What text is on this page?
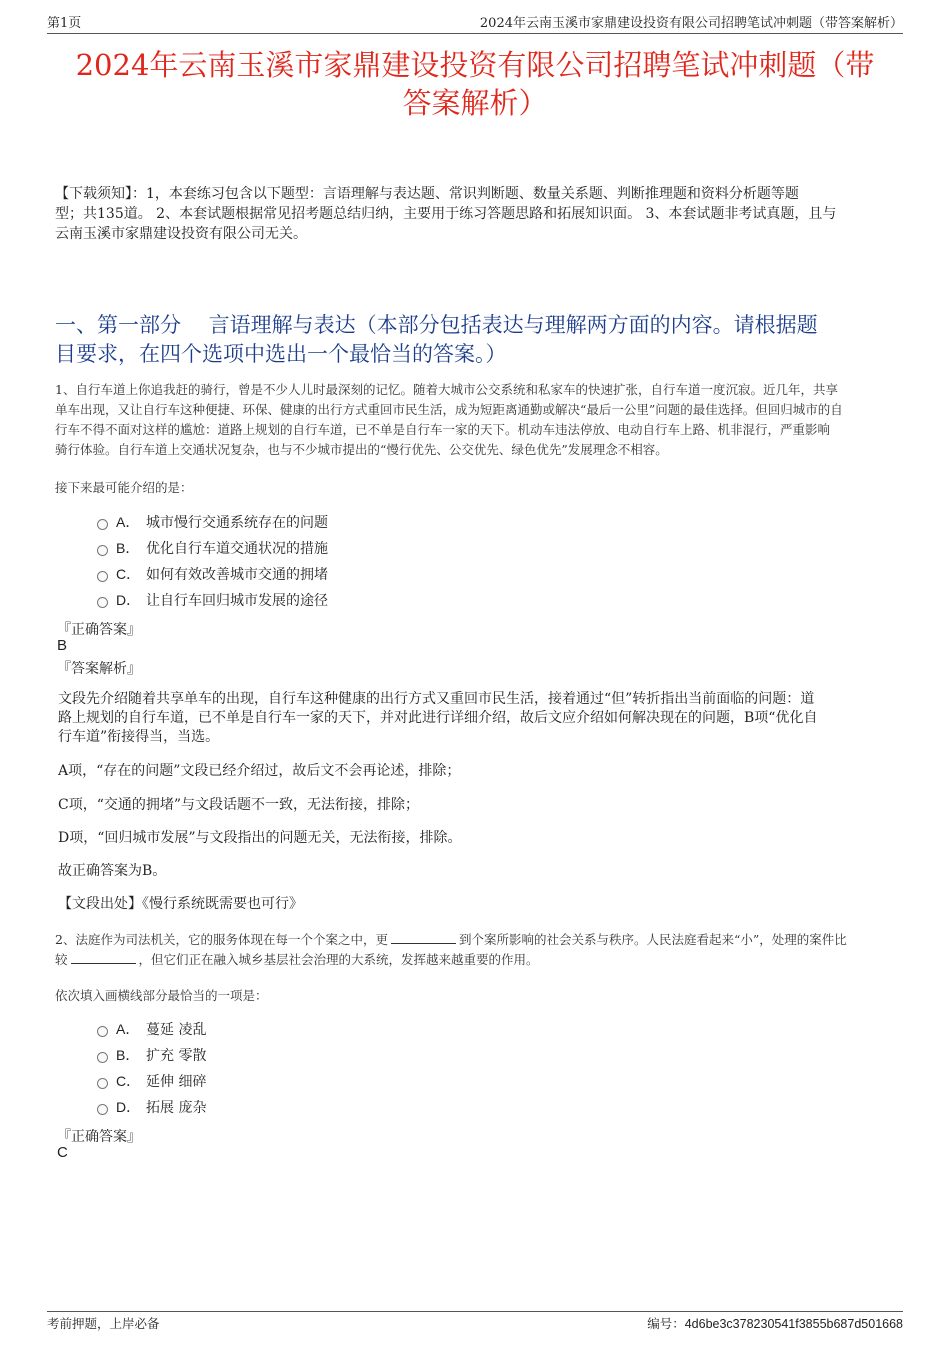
第1页	2024年云南玉溪市家鼎建设投资有限公司招聘笔试冲刺题（带答案解析）
2024年云南玉溪市家鼎建设投资有限公司招聘笔试冲刺题（带
答案解析）
【下载须知】：1，本套练习包含以下题型：言语理解与表达题、常识判断题、数量关系题、判断推理题和资料分析题等题
型；共135道。 2、本套试题根据常见招考题总结归纳，主要用于练习答题思路和拓展知识面。 3、本套试题非考试真题，且与
云南玉溪市家鼎建设投资有限公司无关。
一、第一部分　 言语理解与表达（本部分包括表达与理解两方面的内容。请根据题
目要求，在四个选项中选出一个最恰当的答案。）
1、自行车道上你追我赶的骑行，曾是不少人儿时最深刻的记忆。随着大城市公交系统和私家车的快速扩张，自行车道一度沉寂。近几年，共享
单车出现，又让自行车这种便捷、环保、健康的出行方式重回市民生活，成为短距离通勤或解决“最后一公里”问题的最佳选择。但回归城市的自
行车不得不面对这样的尴尬：道路上规划的自行车道，已不单是自行车一家的天下。机动车违法停放、电动自行车上路、机非混行，严重影响
骑行体验。自行车道上交通状况复杂，也与不少城市提出的“慢行优先、公交优先、绿色优先”发展理念不相容。
接下来最可能介绍的是：
A． 城市慢行交通系统存在的问题
B． 优化自行车道交通状况的措施
C． 如何有效改善城市交通的拥堵
D． 让自行车回归城市发展的途径
『正确答案』
B
『答案解析』
文段先介绍随着共享单车的出现，自行车这种健康的出行方式又重回市民生活，接着通过“但”转折指出当前面临的问题：道
路上规划的自行车道，已不单是自行车一家的天下，并对此进行详细介绍，故后文应介绍如何解决现在的问题，B项“优化自
行车道”衔接得当，当选。
A项，“存在的问题”文段已经介绍过，故后文不会再论述，排除；
C项，“交通的拥堵”与文段话题不一致，无法衔接，排除；
D项，“回归城市发展”与文段指出的问题无关，无法衔接，排除。
故正确答案为B。
【文段出处】《慢行系统既需要也可行》
2、法庭作为司法机关，它的服务体现在每一个个案之中，更	到个案所影响的社会关系与秩序。人民法庭看起来“小”，处理的案件比
较	，但它们正在融入城乡基层社会治理的大系统，发挥越来越重要的作用。
依次填入画横线部分最恰当的一项是：
A． 蔓延 凌乱
B． 扩充 零散
C． 延伸 细碎
D． 拓展 庞杂
『正确答案』
C
考前押题，上岸必备	编号：4d6be3c378230541f3855b687d501668
